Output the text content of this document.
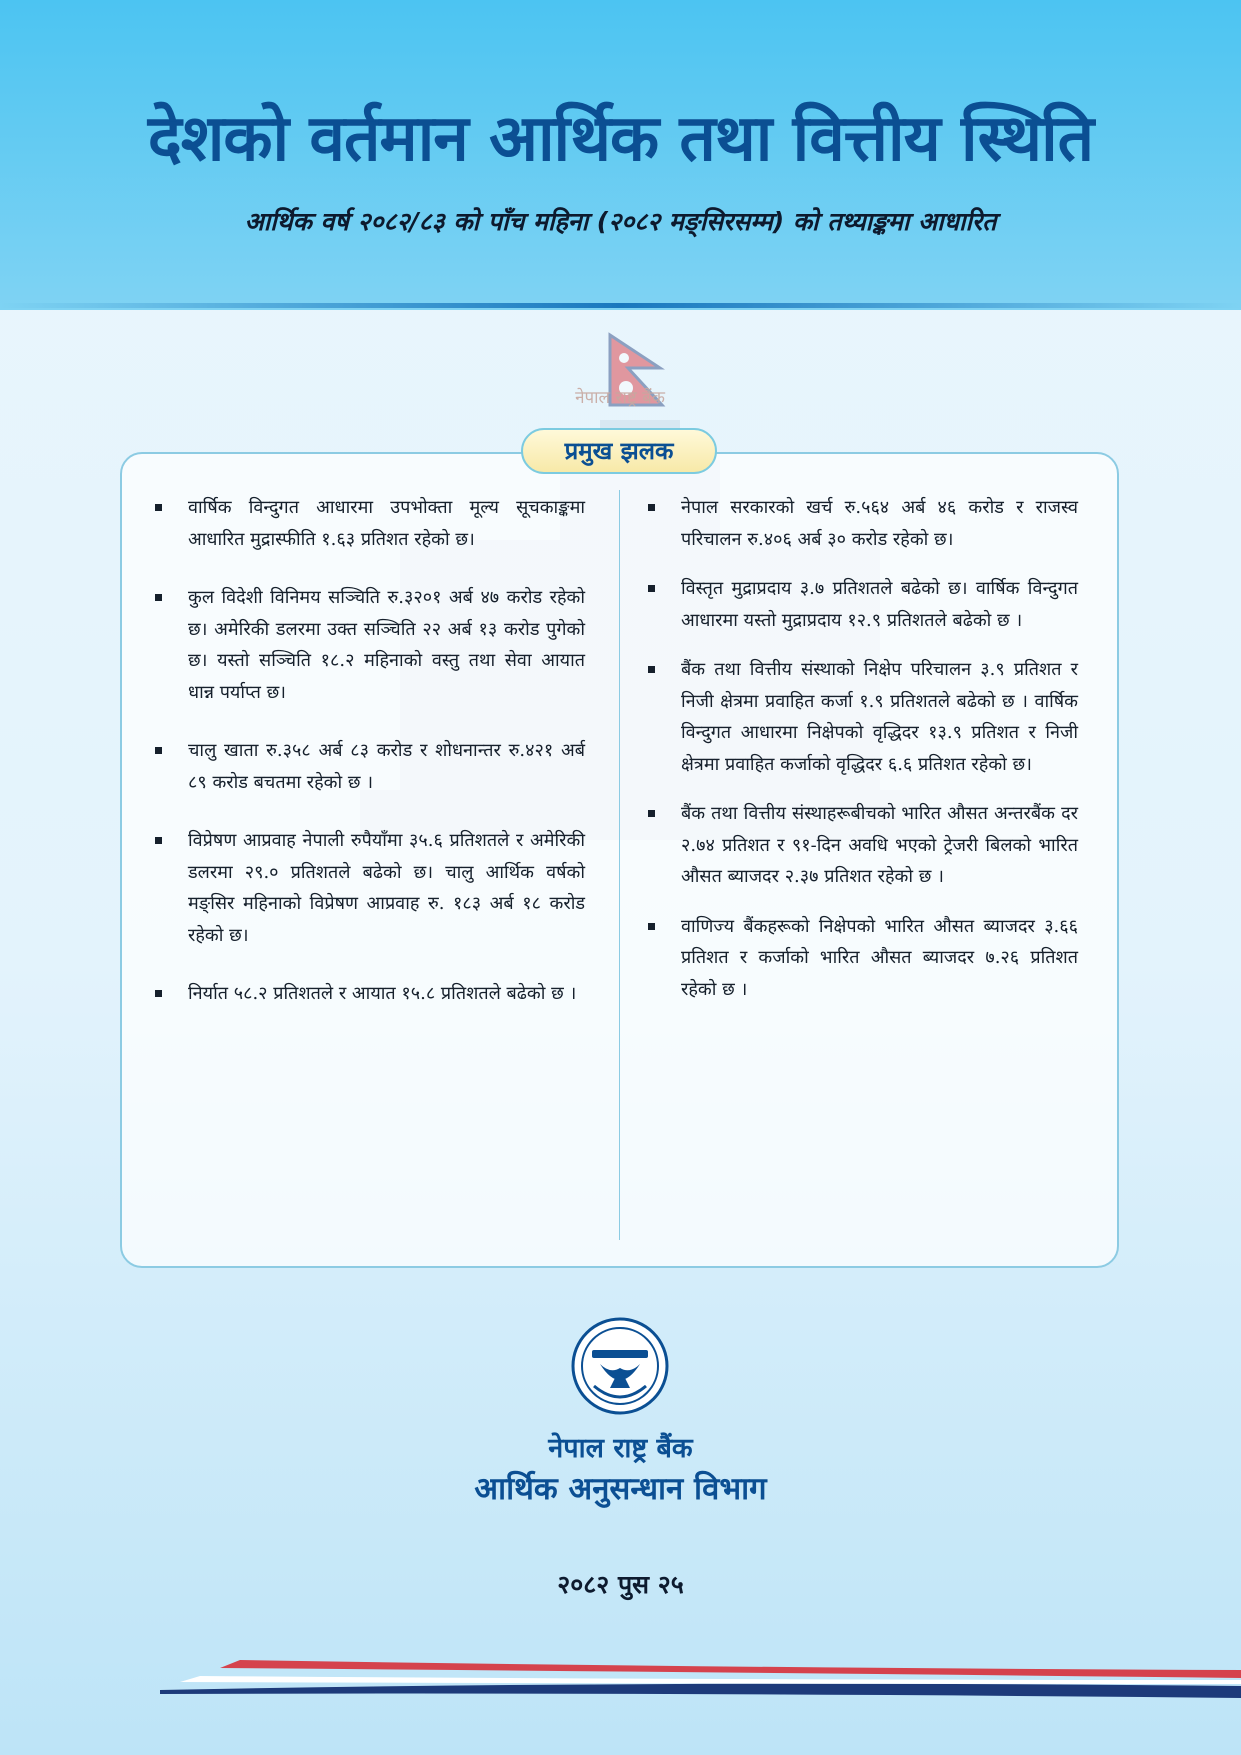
देशको वर्तमान आर्थिक तथा वित्तीय स्थिति
आर्थिक वर्ष २०८२/८३ को पाँच महिना (२०८२ मङ्सिरसम्म) को तथ्याङ्कमा आधारित
नेपाल राष्ट्र बैंक
प्रमुख झलक
वार्षिक विन्दुगत आधारमा उपभोक्ता मूल्य सूचकाङ्कमा आधारित मुद्रास्फीति १.६३ प्रतिशत रहेको छ।
कुल विदेशी विनिमय सञ्चिति रु.३२०१ अर्ब ४७ करोड रहेको छ। अमेरिकी डलरमा उक्त सञ्चिति २२ अर्ब १३ करोड पुगेको छ। यस्तो सञ्चिति १८.२ महिनाको वस्तु तथा सेवा आयात धान्न पर्याप्त छ।
चालु खाता रु.३५८ अर्ब ८३ करोड र शोधनान्तर रु.४२१ अर्ब ८९ करोड बचतमा रहेको छ ।
विप्रेषण आप्रवाह नेपाली रुपैयाँमा ३५.६ प्रतिशतले र अमेरिकी डलरमा २९.० प्रतिशतले बढेको छ। चालु आर्थिक वर्षको मङ्सिर महिनाको विप्रेषण आप्रवाह रु. १८३ अर्ब १८ करोड रहेको छ।
निर्यात ५८.२ प्रतिशतले र आयात १५.८ प्रतिशतले बढेको छ ।
नेपाल सरकारको खर्च रु.५६४ अर्ब ४६ करोड र राजस्व परिचालन रु.४०६ अर्ब ३० करोड रहेको छ।
विस्तृत मुद्राप्रदाय ३.७ प्रतिशतले बढेको छ। वार्षिक विन्दुगत आधारमा यस्तो मुद्राप्रदाय १२.९ प्रतिशतले बढेको छ ।
बैंक तथा वित्तीय संस्थाको निक्षेप परिचालन ३.९ प्रतिशत र निजी क्षेत्रमा प्रवाहित कर्जा १.९ प्रतिशतले बढेको छ । वार्षिक विन्दुगत आधारमा निक्षेपको वृद्धिदर १३.९ प्रतिशत र निजी क्षेत्रमा प्रवाहित कर्जाको वृद्धिदर ६.६ प्रतिशत रहेको छ।
बैंक तथा वित्तीय संस्थाहरूबीचको भारित औसत अन्तरबैंक दर २.७४ प्रतिशत र ९१-दिन अवधि भएको ट्रेजरी बिलको भारित औसत ब्याजदर २.३७ प्रतिशत रहेको छ ।
वाणिज्य बैंकहरूको निक्षेपको भारित औसत ब्याजदर ३.६६ प्रतिशत र कर्जाको भारित औसत ब्याजदर ७.२६ प्रतिशत रहेको छ ।
नेपाल राष्ट्र बैंक
आर्थिक अनुसन्धान विभाग
२०८२ पुस २५
